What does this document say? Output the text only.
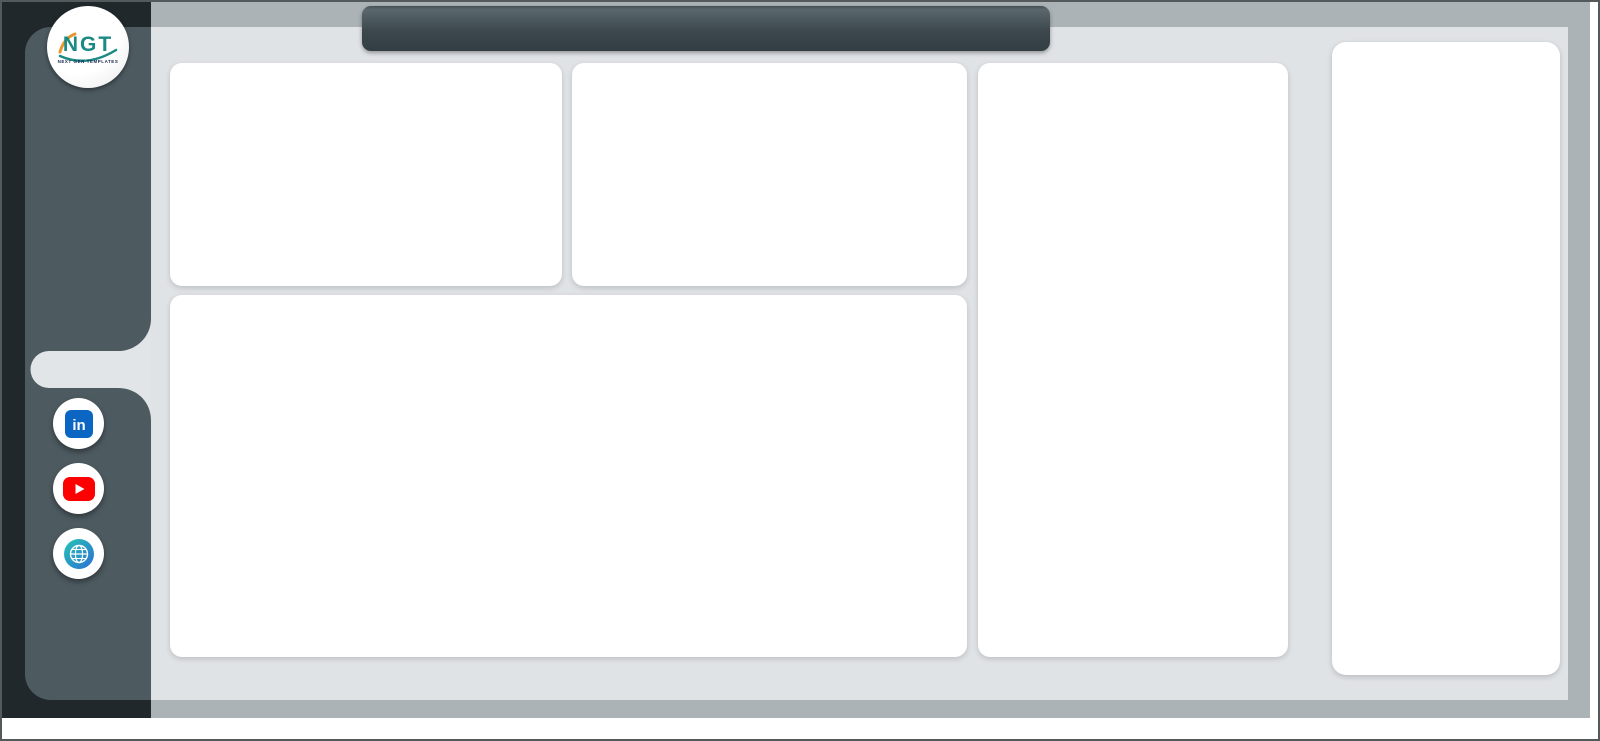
NGT
NEXT GEN TEMPLATES
in
